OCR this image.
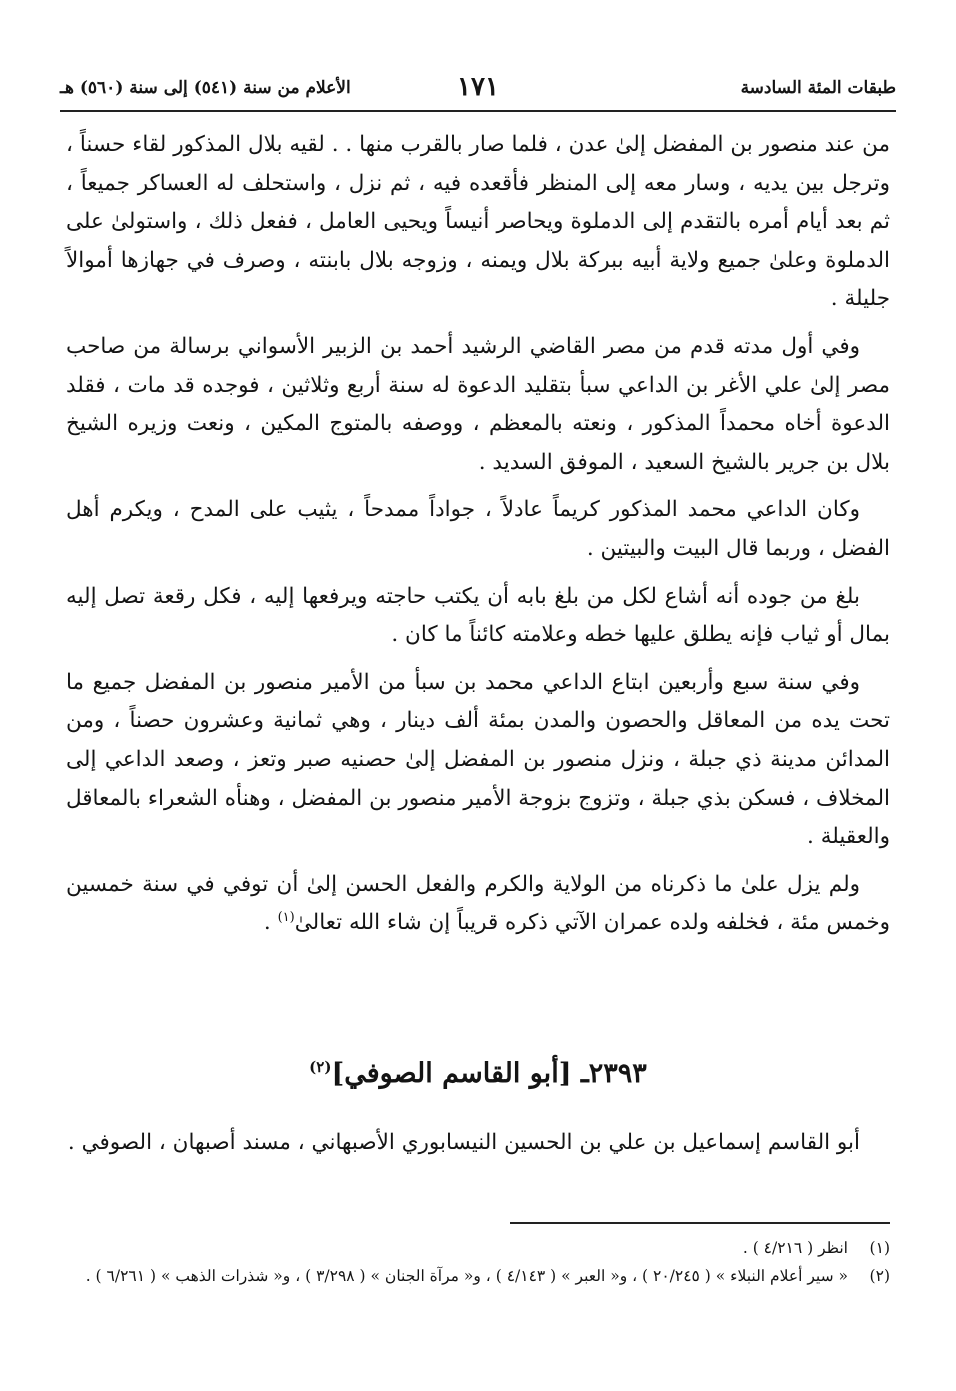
طبقات المئة السادسة
١٧١
الأعلام من سنة (٥٤١) إلى سنة (٥٦٠) هـ

من عند منصور بن المفضل إلىٰ عدن ، فلما صار بالقرب منها . . لقيه بلال المذكور لقاء حسناً ، وترجل بين يديه ، وسار معه إلى المنظر فأقعده فيه ، ثم نزل ، واستحلف له العساكر جميعاً ، ثم بعد أيام أمره بالتقدم إلى الدملوة ويحاصر أنيساً ويحيى العامل ، ففعل ذلك ، واستولىٰ على الدملوة وعلىٰ جميع ولاية أبيه ببركة بلال ويمنه ، وزوجه بلال بابنته ، وصرف في جهازها أموالاً جليلة .

وفي أول مدته قدم من مصر القاضي الرشيد أحمد بن الزبير الأسواني برسالة من صاحب مصر إلىٰ علي الأغر بن الداعي سبأ بتقليد الدعوة له سنة أربع وثلاثين ، فوجده قد مات ، فقلد الدعوة أخاه محمداً المذكور ، ونعته بالمعظم ، ووصفه بالمتوج المكين ، ونعت وزيره الشيخ بلال بن جرير بالشيخ السعيد ، الموفق السديد .

وكان الداعي محمد المذكور كريماً عادلاً ، جواداً ممدحاً ، يثيب على المدح ، ويكرم أهل الفضل ، وربما قال البيت والبيتين .

بلغ من جوده أنه أشاع لكل من بلغ بابه أن يكتب حاجته ويرفعها إليه ، فكل رقعة تصل إليه بمال أو ثياب فإنه يطلق عليها خطه وعلامته كائناً ما كان .

وفي سنة سبع وأربعين ابتاع الداعي محمد بن سبأ من الأمير منصور بن المفضل جميع ما تحت يده من المعاقل والحصون والمدن بمئة ألف دينار ، وهي ثمانية وعشرون حصناً ، ومن المدائن مدينة ذي جبلة ، ونزل منصور بن المفضل إلىٰ حصنيه صبر وتعز ، وصعد الداعي إلى المخلاف ، فسكن بذي جبلة ، وتزوج بزوجة الأمير منصور بن المفضل ، وهنأه الشعراء بالمعاقل والعقيلة .

ولم يزل علىٰ ما ذكرناه من الولاية والكرم والفعل الحسن إلىٰ أن توفي في سنة خمسين وخمس مئة ، فخلفه ولده عمران الآتي ذكره قريباً إن شاء الله تعالىٰ$^{(١)}$ .

٢٣٩٣ـ [أبو القاسم الصوفي]$^{(٢)}$

أبو القاسم إسماعيل بن علي بن الحسين النيسابوري الأصبهاني ، مسند أصبهان ، الصوفي .

(١)
انظر ( ٤/٢١٦ ) .
(٢)
« سير أعلام النبلاء » ( ٢٠/٢٤٥ ) ، و« العبر » ( ٤/١٤٣ ) ، و« مرآة الجنان » ( ٣/٢٩٨ ) ، و« شذرات الذهب » ( ٦/٢٦١ ) .
